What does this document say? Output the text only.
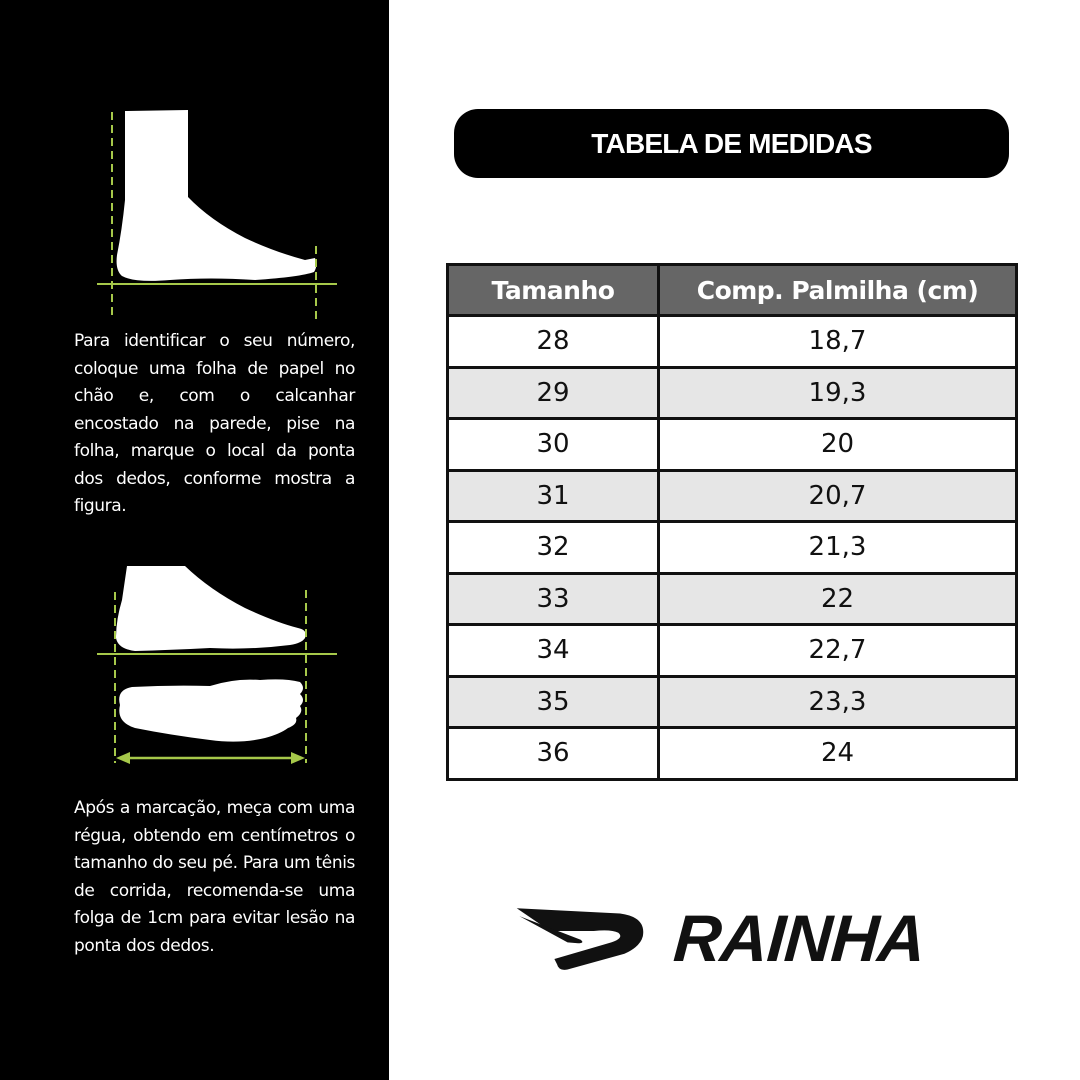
Para identificar o seu número, coloque uma folha de papel no chão e, com o calcanhar encostado na parede, pise na folha, marque o local da ponta dos dedos, conforme mostra a figura.

Após a marcação, meça com uma régua, obtendo em centímetros o tamanho do seu pé. Para um tênis de corrida, recomenda-se uma folga de 1cm para evitar lesão na ponta dos dedos.

TABELA DE MEDIDAS
Tamanho	Comp. Palmilha (cm)
28	18,7
29	19,3
30	20
31	20,7
32	21,3
33	22
34	22,7
35	23,3
36	24
RAINHA
